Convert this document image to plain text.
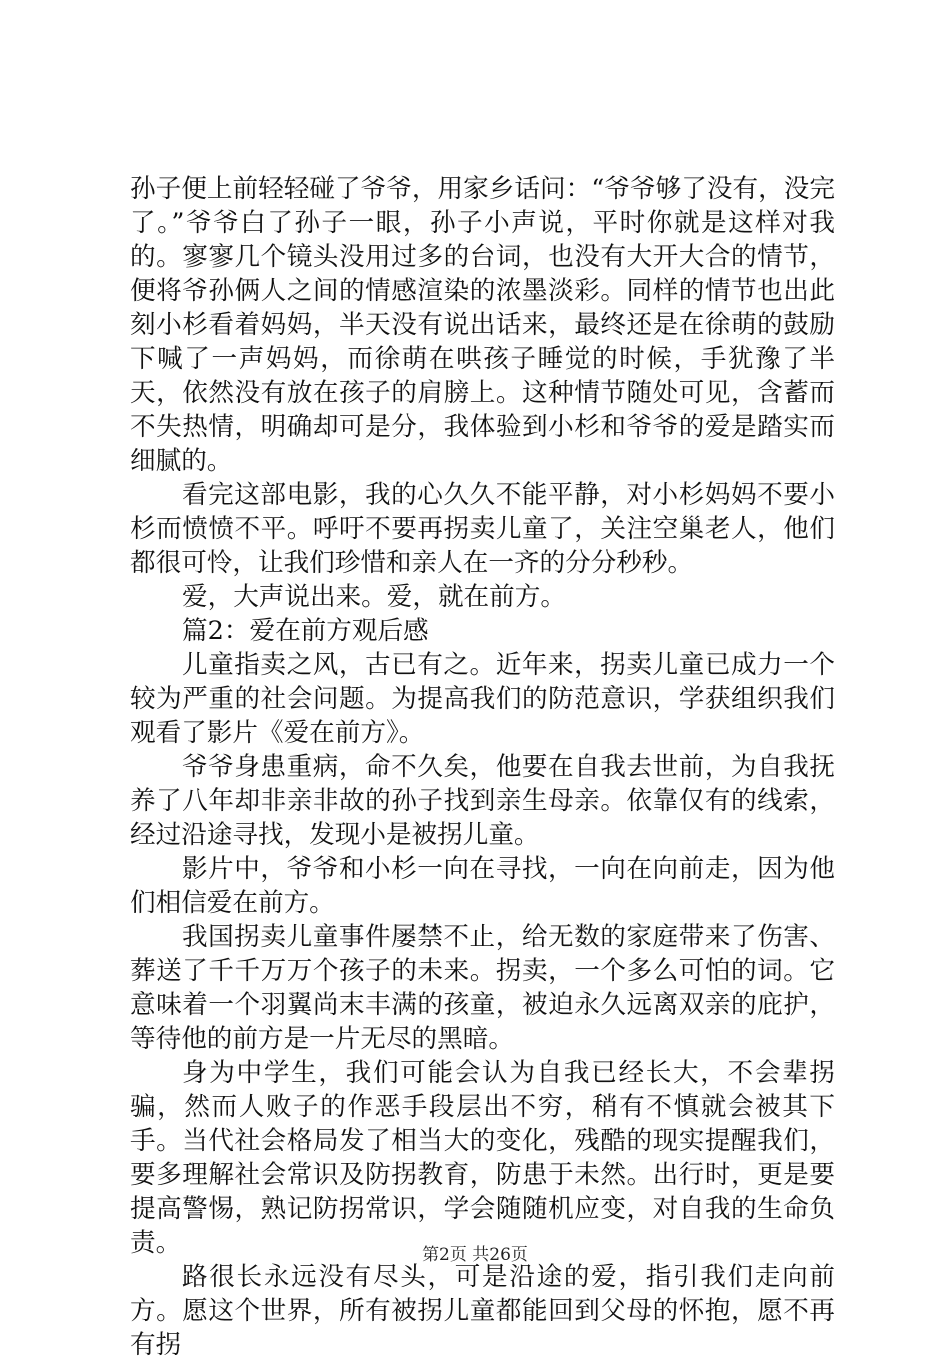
孙子便上前轻轻碰了爷爷，用家乡话问：“爷爷够了没有，没完了。”爷爷白了孙子一眼，孙子小声说，平时你就是这样对我的。寥寥几个镜头没用过多的台词，也没有大开大合的情节，便将爷孙俩人之间的情感渲染的浓墨淡彩。同样的情节也出此刻小杉看着妈妈，半天没有说出话来，最终还是在徐萌的鼓励下喊了一声妈妈，而徐萌在哄孩子睡觉的时候，手犹豫了半天，依然没有放在孩子的肩膀上。这种情节随处可见，含蓄而不失热情，明确却可是分，我体验到小杉和爷爷的爱是踏实而细腻的。

看完这部电影，我的心久久不能平静，对小杉妈妈不要小杉而愤愤不平。呼吁不要再拐卖儿童了，关注空巢老人，他们都很可怜，让我们珍惜和亲人在一齐的分分秒秒。

爱，大声说出来。爱，就在前方。

篇2：爱在前方观后感

儿童指卖之风，古已有之。近年来，拐卖儿童已成力一个较为严重的社会问题。为提高我们的防范意识，学获组织我们观看了影片《爱在前方》。

爷爷身患重病，命不久矣，他要在自我去世前，为自我抚养了八年却非亲非故的孙子找到亲生母亲。依靠仅有的线索，经过沿途寻找，发现小是被拐儿童。

影片中，爷爷和小杉一向在寻找，一向在向前走，因为他们相信爱在前方。

我国拐卖儿童事件屡禁不止，给无数的家庭带来了伤害、葬送了千千万万个孩子的未来。拐卖，一个多么可怕的词。它意味着一个羽翼尚末丰满的孩童，被迫永久远离双亲的庇护，等待他的前方是一片无尽的黑暗。

身为中学生，我们可能会认为自我已经长大，不会辈拐骗，然而人败子的作恶手段层出不穷，稍有不慎就会被其下手。当代社会格局发了相当大的变化，残酷的现实提醒我们，要多理解社会常识及防拐教育，防患于未然。出行时，更是要提高警惕，熟记防拐常识，学会随随机应变，对自我的生命负责。

路很长永远没有尽头，可是沿途的爱，指引我们走向前方。愿这个世界，所有被拐儿童都能回到父母的怀抱，愿不再有拐

第2页 共26页
